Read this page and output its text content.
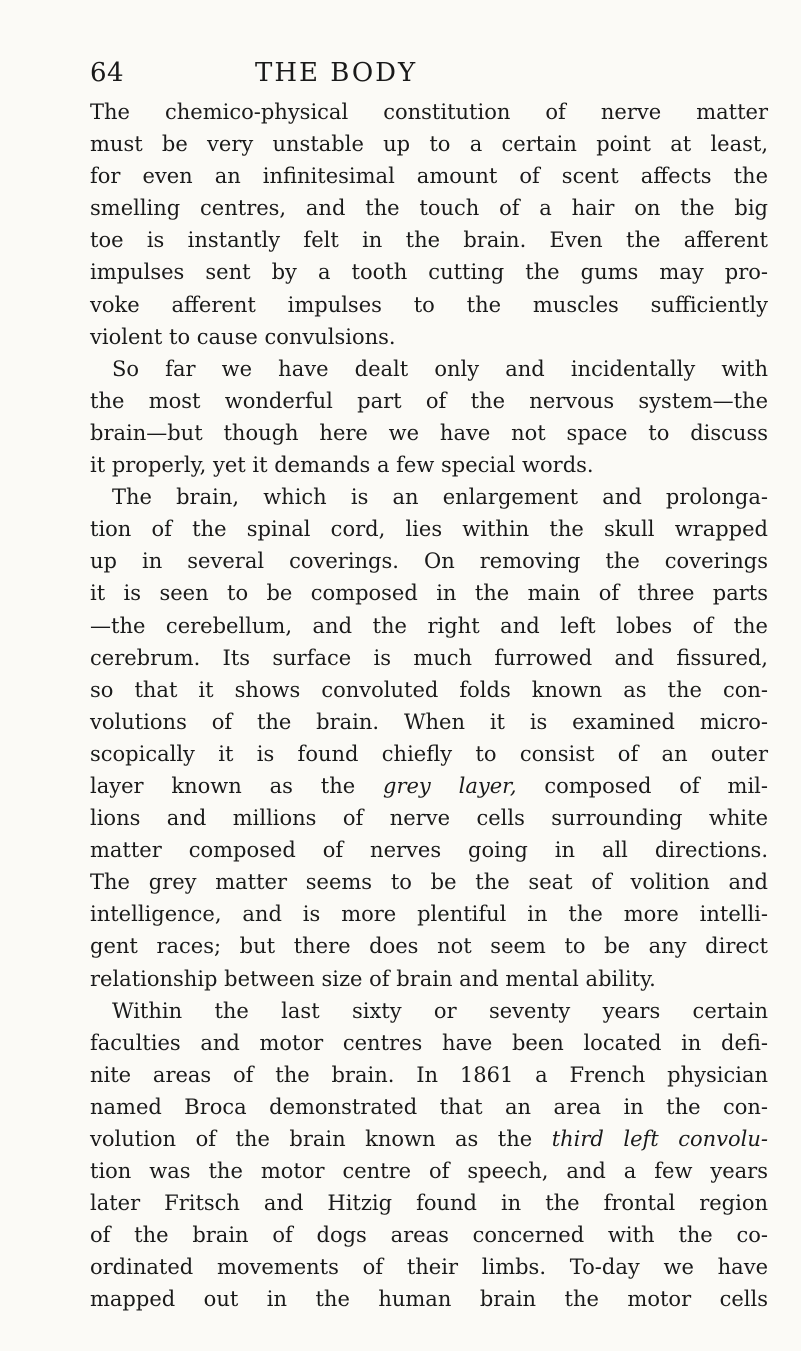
64	THE BODY
The chemico-physical constitution of nerve matter
must be very unstable up to a certain point at least,
for even an infinitesimal amount of scent affects the
smelling centres, and the touch of a hair on the big
toe is instantly felt in the brain. Even the afferent
impulses sent by a tooth cutting the gums may pro-
voke afferent impulses to the muscles sufficiently
violent to cause convulsions.
So far we have dealt only and incidentally with
the most wonderful part of the nervous system—the
brain—but though here we have not space to discuss
it properly, yet it demands a few special words.
The brain, which is an enlargement and prolonga-
tion of the spinal cord, lies within the skull wrapped
up in several coverings. On removing the coverings
it is seen to be composed in the main of three parts
—the cerebellum, and the right and left lobes of the
cerebrum. Its surface is much furrowed and fissured,
so that it shows convoluted folds known as the con-
volutions of the brain. When it is examined micro-
scopically it is found chiefly to consist of an outer
layer known as the grey layer, composed of mil-
lions and millions of nerve cells surrounding white
matter composed of nerves going in all directions.
The grey matter seems to be the seat of volition and
intelligence, and is more plentiful in the more intelli-
gent races; but there does not seem to be any direct
relationship between size of brain and mental ability.
Within the last sixty or seventy years certain
faculties and motor centres have been located in defi-
nite areas of the brain. In 1861 a French physician
named Broca demonstrated that an area in the con-
volution of the brain known as the third left convolu-
tion was the motor centre of speech, and a few years
later Fritsch and Hitzig found in the frontal region
of the brain of dogs areas concerned with the co-
ordinated movements of their limbs. To-day we have
mapped out in the human brain the motor cells
